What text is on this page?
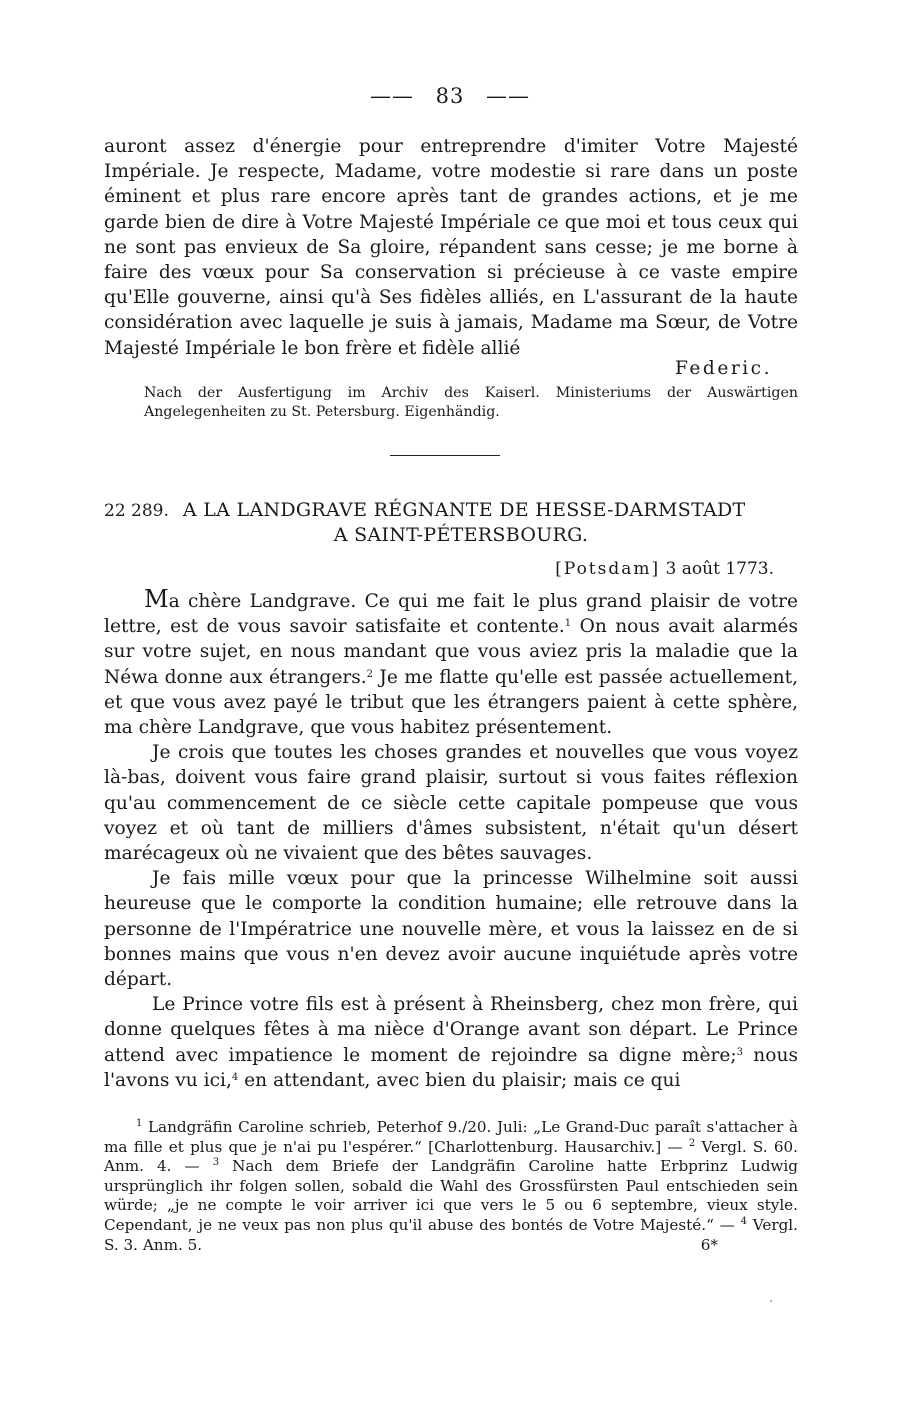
—— 83 ——
auront assez d'énergie pour entreprendre d'imiter Votre Majesté Impériale. Je respecte, Madame, votre modestie si rare dans un poste éminent et plus rare encore après tant de grandes actions, et je me garde bien de dire à Votre Majesté Impériale ce que moi et tous ceux qui ne sont pas envieux de Sa gloire, répandent sans cesse; je me borne à faire des vœux pour Sa conservation si précieuse à ce vaste empire qu'Elle gouverne, ainsi qu'à Ses fidèles alliés, en L'assurant de la haute considération avec laquelle je suis à jamais, Madame ma Sœur, de Votre Majesté Impériale le bon frère et fidèle allié
Federic.
Nach der Ausfertigung im Archiv des Kaiserl. Ministeriums der Auswärtigen Angelegenheiten zu St. Petersburg. Eigenhändig.
22 289. A LA LANDGRAVE RÉGNANTE DE HESSE-DARMSTADT
A SAINT-PÉTERSBOURG.
[Potsdam] 3 août 1773.

Ma chère Landgrave. Ce qui me fait le plus grand plaisir de votre lettre, est de vous savoir satisfaite et contente.$^1$ On nous avait alarmés sur votre sujet, en nous mandant que vous aviez pris la maladie que la Néwa donne aux étrangers.$^2$ Je me flatte qu'elle est passée actuellement, et que vous avez payé le tribut que les étrangers paient à cette sphère, ma chère Landgrave, que vous habitez présentement.

Je crois que toutes les choses grandes et nouvelles que vous voyez là-bas, doivent vous faire grand plaisir, surtout si vous faites réflexion qu'au commencement de ce siècle cette capitale pompeuse que vous voyez et où tant de milliers d'âmes subsistent, n'était qu'un désert marécageux où ne vivaient que des bêtes sauvages.

Je fais mille vœux pour que la princesse Wilhelmine soit aussi heureuse que le comporte la condition humaine; elle retrouve dans la personne de l'Impératrice une nouvelle mère, et vous la laissez en de si bonnes mains que vous n'en devez avoir aucune inquiétude après votre départ.

Le Prince votre fils est à présent à Rheinsberg, chez mon frère, qui donne quelques fêtes à ma nièce d'Orange avant son départ. Le Prince attend avec impatience le moment de rejoindre sa digne mère;$^3$ nous l'avons vu ici,$^4$ en attendant, avec bien du plaisir; mais ce qui

$^1$ Landgräfin Caroline schrieb, Peterhof 9./20. Juli: „Le Grand-Duc paraît s'attacher à ma fille et plus que je n'ai pu l'espérer.“ [Charlottenburg. Hausarchiv.] — $^2$ Vergl. S. 60. Anm. 4. — $^3$ Nach dem Briefe der Landgräfin Caroline hatte Erbprinz Ludwig ursprünglich ihr folgen sollen, sobald die Wahl des Grossfürsten Paul entschieden sein würde; „je ne compte le voir arriver ici que vers le 5 ou 6 septembre, vieux style. Cependant, je ne veux pas non plus qu'il abuse des bontés de Votre Majesté.“ — $^4$ Vergl. S. 3. Anm. 5.	6*
